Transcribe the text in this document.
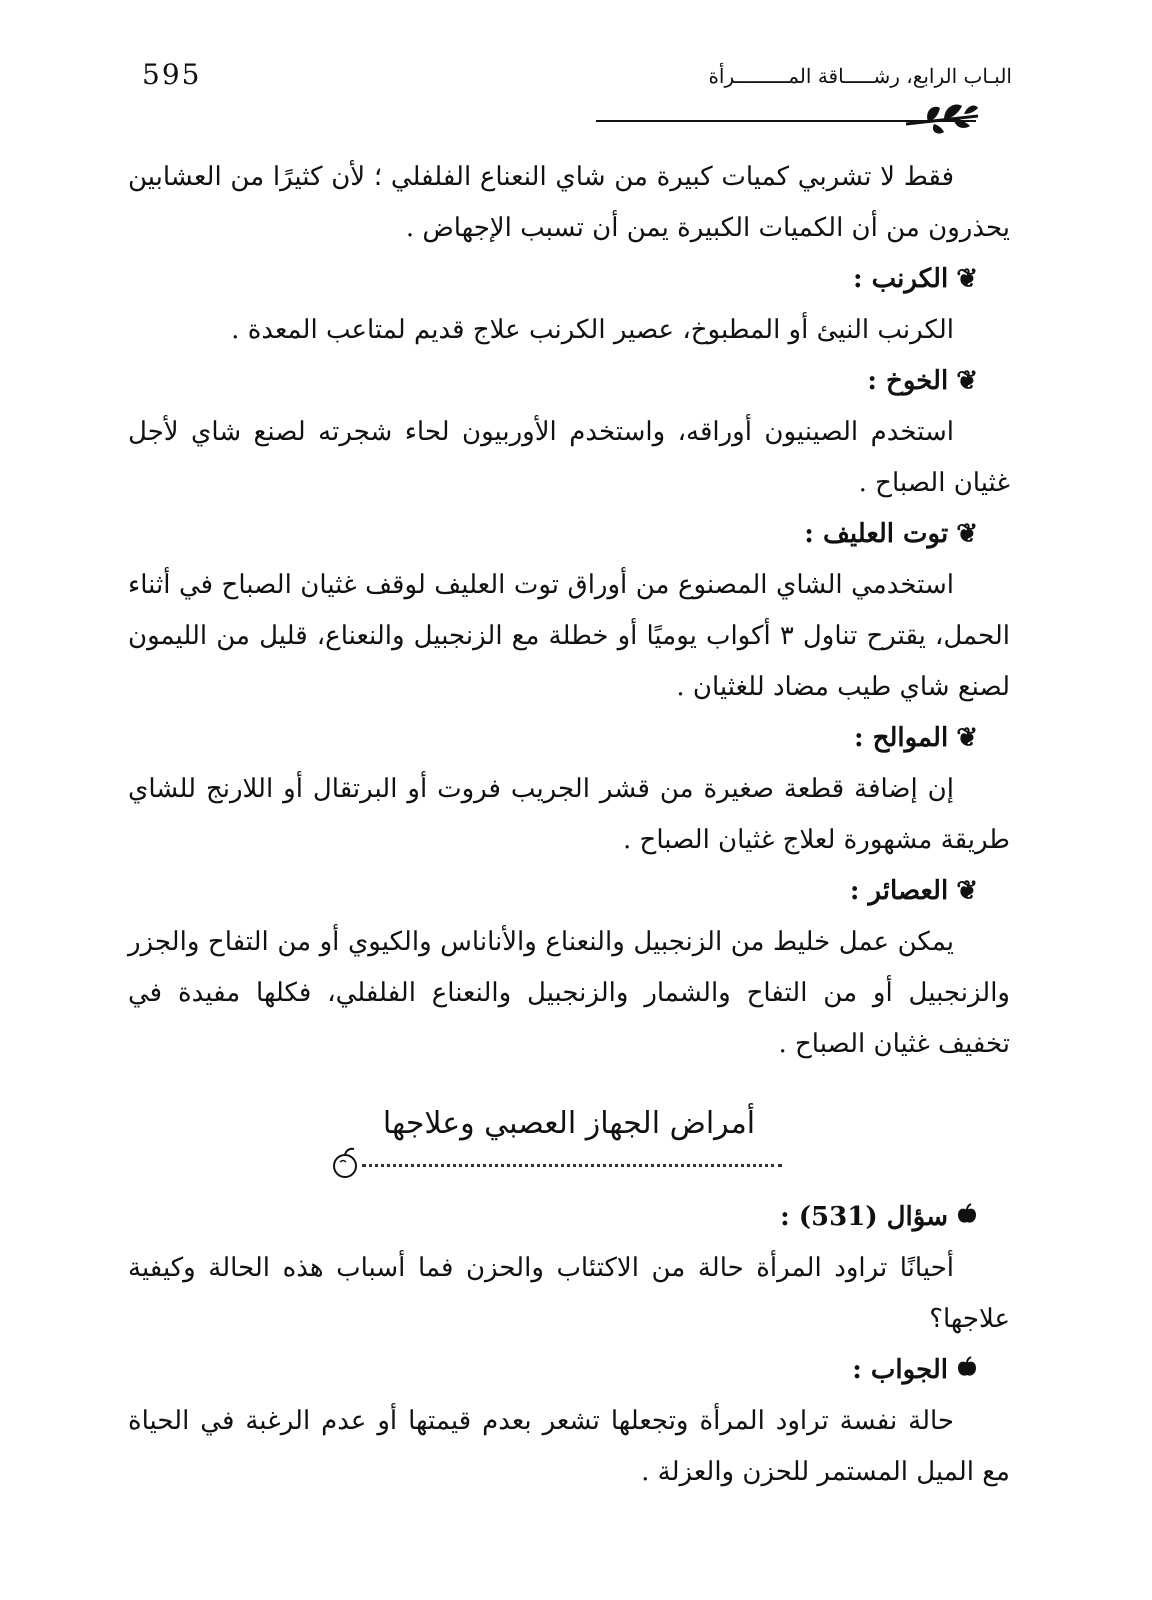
595	البـاب الرابع، رشـــــاقة المـــــــــرأة

فقط لا تشربي كميات كبيرة من شاي النعناع الفلفلي ؛ لأن كثيرًا من العشابين يحذرون من أن الكميات الكبيرة يمن أن تسبب الإجهاض .

❦الكرنب :

الكرنب النيئ أو المطبوخ، عصير الكرنب علاج قديم لمتاعب المعدة .

❦الخوخ :

استخدم الصينيون أوراقه، واستخدم الأوربيون لحاء شجرته لصنع شاي لأجل غثيان الصباح .

❦توت العليف :

استخدمي الشاي المصنوع من أوراق توت العليف لوقف غثيان الصباح في أثناء الحمل، يقترح تناول ٣ أكواب يوميًا أو خطلة مع الزنجبيل والنعناع، قليل من الليمون لصنع شاي طيب مضاد للغثيان .

❦الموالح :

إن إضافة قطعة صغيرة من قشر الجريب فروت أو البرتقال أو اللارنج للشاي طريقة مشهورة لعلاج غثيان الصباح .

❦العصائر :

يمكن عمل خليط من الزنجبيل والنعناع والأناناس والكيوي أو من التفاح والجزر والزنجبيل أو من التفاح والشمار والزنجبيل والنعناع الفلفلي، فكلها مفيدة في تخفيف غثيان الصباح .

أمراض الجهاز العصبي وعلاجها

سؤال (531) :

أحيانًا تراود المرأة حالة من الاكتئاب والحزن فما أسباب هذه الحالة وكيفية علاجها؟

الجواب :

حالة نفسة تراود المرأة وتجعلها تشعر بعدم قيمتها أو عدم الرغبة في الحياة مع الميل المستمر للحزن والعزلة .
